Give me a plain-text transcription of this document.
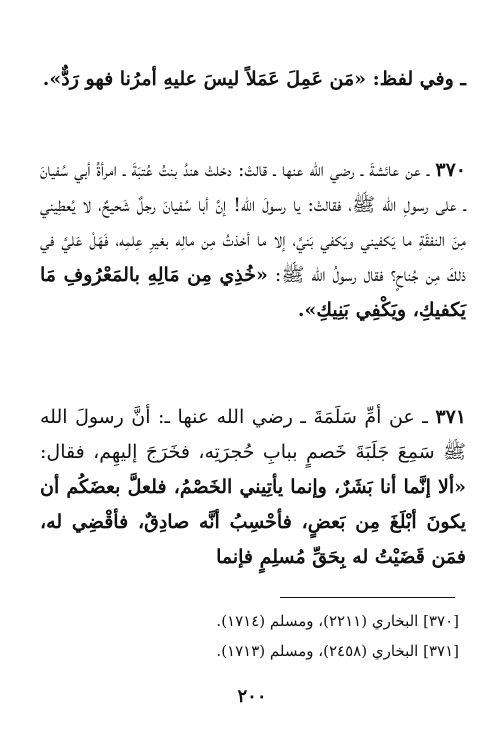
ـ وفي لفظ: «مَن عَمِلَ عَمَلاً ليسَ عليهِ أمرُنا فهو رَدٌّ».
٣٧٠ ـ عن عائشةَ ـ رضي الله عنها ـ قالتْ: دخلتْ هندُ بنتُ عُتبَةَ ـ امرأةُ أبي سُفيانَ ـ على رسولِ الله ﷺ، فقالتْ: يا رسولَ الله! إنَّ أبا سُفيانَ رجلٌ شَحيحٌ، لا يُعطِيني مِنَ النفقَةِ ما يَكفيني ويَكفي بَنيَّ، إلا ما أخذتُ مِن مالِه بغيرِ عِلمِه، فَهَلْ عَليَّ في ذلكَ مِن جُناحٍ؟ فقال رسولُ الله ﷺ: «خُذِي مِن مَالِهِ بالمَعْرُوفِ مَا يَكفيكِ، ويَكْفِي بَنِيكِ».
٣٧١ ـ عن أمِّ سَلَمَةَ ـ رضي الله عنها ـ: أنَّ رسولَ الله ﷺ سَمِعَ جَلَبَةَ خَصمٍ ببابِ حُجرَتِه، فخَرَجَ إليهِم، فقال: «ألا إنَّما أنا بَشَرٌ، وإنما يأتِيني الخَصْمُ، فلعلَّ بعضَكُم أن يكونَ أبْلَغَ مِن بَعضٍ، فأحْسِبُ أنَّه صادِقٌ، فأقْضِي له، فمَن قَضَيْتُ له بِحَقِّ مُسلِمٍ فإنما
[٣٧٠] البخاري (٢٢١١)، ومسلم (١٧١٤).
[٣٧١] البخاري (٢٤٥٨)، ومسلم (١٧١٣).
٢٠٠
